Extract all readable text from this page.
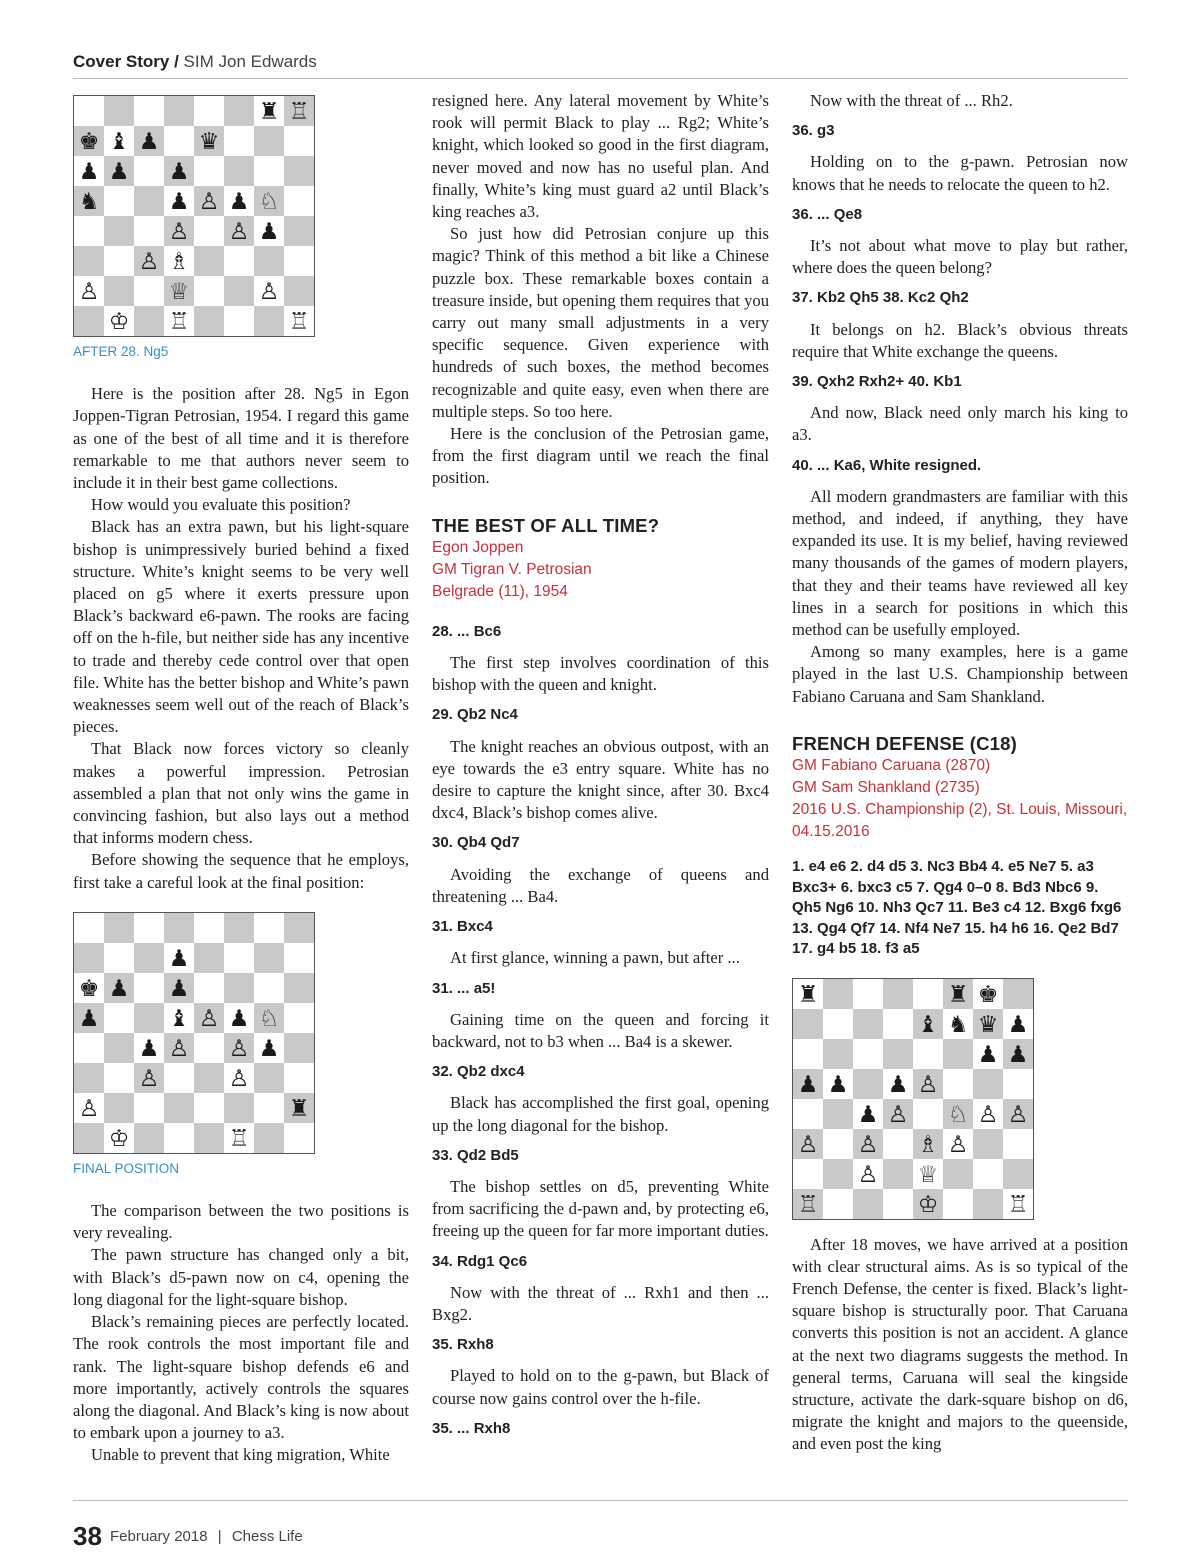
Cover Story / SIM Jon Edwards
♜ ♖
♚ ♝ ♟ ♛
♟ ♟ ♟
♞	♟ ♙ ♟ ♘
♙ ♙ ♟
♙ ♗
♙	♕	♙
♔ ♖	♖
AFTER 28. Ng5

Here is the position after 28. Ng5 in Egon Joppen-Tigran Petrosian, 1954. I regard this game as one of the best of all time and it is therefore remarkable to me that authors never seem to include it in their best game collections.

How would you evaluate this position?

Black has an extra pawn, but his light-square bishop is unimpressively buried behind a fixed structure. White’s knight seems to be very well placed on g5 where it exerts pressure upon Black’s backward e6-pawn. The rooks are facing off on the h-file, but neither side has any incentive to trade and thereby cede control over that open file. White has the better bishop and White’s pawn weaknesses seem well out of the reach of Black’s pieces.

That Black now forces victory so cleanly makes a powerful impression. Petrosian assembled a plan that not only wins the game in convincing fashion, but also lays out a method that informs modern chess.

Before showing the sequence that he employs, first take a careful look at the final position:

♟
♚ ♟ ♟
♟	♝ ♙ ♟ ♘
♟ ♙ ♙ ♟
♙	♙
♙	♜
♔	♖
FINAL POSITION

The comparison between the two positions is very revealing.

The pawn structure has changed only a bit, with Black’s d5-pawn now on c4, opening the long diagonal for the light-square bishop.

Black’s remaining pieces are perfectly located. The rook controls the most important file and rank. The light-square bishop defends e6 and more importantly, actively controls the squares along the diagonal. And Black’s king is now about to embark upon a journey to a3.

Unable to prevent that king migration, White

resigned here. Any lateral movement by White’s rook will permit Black to play ... Rg2; White’s knight, which looked so good in the first diagram, never moved and now has no useful plan. And finally, White’s king must guard a2 until Black’s king reaches a3.

So just how did Petrosian conjure up this magic? Think of this method a bit like a Chinese puzzle box. These remarkable boxes contain a treasure inside, but opening them requires that you carry out many small adjustments in a very specific sequence. Given experience with hundreds of such boxes, the method becomes recognizable and quite easy, even when there are multiple steps. So too here.

Here is the conclusion of the Petrosian game, from the first diagram until we reach the final position.

THE BEST OF ALL TIME?
Egon Joppen
GM Tigran V. Petrosian
Belgrade (11), 1954
28. ... Bc6

The first step involves coordination of this bishop with the queen and knight.

29. Qb2 Nc4

The knight reaches an obvious outpost, with an eye towards the e3 entry square. White has no desire to capture the knight since, after 30. Bxc4 dxc4, Black’s bishop comes alive.

30. Qb4 Qd7

Avoiding the exchange of queens and threatening ... Ba4.

31. Bxc4

At first glance, winning a pawn, but after ...

31. ... a5!

Gaining time on the queen and forcing it backward, not to b3 when ... Ba4 is a skewer.

32. Qb2 dxc4

Black has accomplished the first goal, opening up the long diagonal for the bishop.

33. Qd2 Bd5

The bishop settles on d5, preventing White from sacrificing the d-pawn and, by protecting e6, freeing up the queen for far more important duties.

34. Rdg1 Qc6

Now with the threat of ... Rxh1 and then ... Bxg2.

35. Rxh8

Played to hold on to the g-pawn, but Black of course now gains control over the h-file.

35. ... Rxh8

Now with the threat of ... Rh2.

36. g3

Holding on to the g-pawn. Petrosian now knows that he needs to relocate the queen to h2.

36. ... Qe8

It’s not about what move to play but rather, where does the queen belong?

37. Kb2 Qh5 38. Kc2 Qh2

It belongs on h2. Black’s obvious threats require that White exchange the queens.

39. Qxh2 Rxh2+ 40. Kb1

And now, Black need only march his king to a3.

40. ... Ka6, White resigned.

All modern grandmasters are familiar with this method, and indeed, if anything, they have expanded its use. It is my belief, having reviewed many thousands of the games of modern players, that they and their teams have reviewed all key lines in a search for positions in which this method can be usefully employed.

Among so many examples, here is a game played in the last U.S. Championship between Fabiano Caruana and Sam Shankland.

FRENCH DEFENSE (C18)
GM Fabiano Caruana (2870)
GM Sam Shankland (2735)
2016 U.S. Championship (2), St. Louis, Missouri, 04.15.2016
1. e4 e6 2. d4 d5 3. Nc3 Bb4 4. e5 Ne7 5. a3 Bxc3+ 6. bxc3 c5 7. Qg4 0–0 8. Bd3 Nbc6 9. Qh5 Ng6 10. Nh3 Qc7 11. Be3 c4 12. Bxg6 fxg6 13. Qg4 Qf7 14. Nf4 Ne7 15. h4 h6 16. Qe2 Bd7 17. g4 b5 18. f3 a5
♜	♜ ♚
♝ ♞ ♛ ♟
♟ ♟
♟ ♟ ♟ ♙
♟ ♙ ♘ ♙ ♙
♙ ♙ ♗ ♙
♙ ♕
♖	♔	♖

After 18 moves, we have arrived at a position with clear structural aims. As is so typical of the French Defense, the center is fixed. Black’s light-square bishop is structurally poor. That Caruana converts this position is not an accident. A glance at the next two diagrams suggests the method. In general terms, Caruana will seal the kingside structure, activate the dark-square bishop on d6, migrate the knight and majors to the queenside, and even post the king

38 February 2018 | Chess Life
